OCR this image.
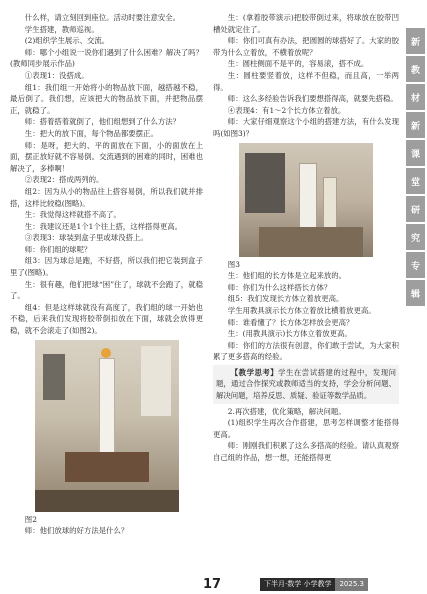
什么样，请立刻回到座位。活动时要注意安全。

学生搭建，教师巡视。

(2)组织学生展示、交流。

师：哪个小组说一说你们遇到了什么困难？解决了吗？(教师同步展示作品)

①表现1：没搭成。

组1：我们组一开始将小的物品放下面，越搭越不稳，最后倒了。我们想，应该把大的物品放下面，并把物品摆正，就稳了。

师：搭着搭着就倒了，他们组想到了什么方法？

生：把大的放下面，每个物品都要摆正。

师：是呀，把大的、平的面放在下面，小的面放在上面，摆正放好就不容易倒。交流遇到的困难的同时，困难也解决了，多棒啊！

②表现2：搭成两列的。

组2：因为从小的物品往上搭容易倒，所以我们就并排搭，这样比较稳(图略)。

生：我觉得这样就搭不高了。

生：我建议还是1个1个往上搭，这样搭得更高。

③表现3：球装到盒子里或球没搭上。

师：你们组的球呢？

组3：因为球总是跑，不好搭，所以我们把它装到盒子里了(图略)。

生：很有趣，他们把球“困”住了，球就不会跑了，就稳了。

组4：但是这样球就没有高度了，我们组的球一开始也不稳，后来我们发现将胶带倒扣放在下面，球就会放得更稳，就不会滚走了(如图2)。

图2

师：他们放球的好方法是什么？

生：(拿着胶带演示)把胶带倒过来，将球放在胶带凹槽处就定住了。

师：你们可真有办法，把圆圆的球搭好了。大家的胶带为什么立着放，不横着放呢？

生：圆柱侧面不是平的，容易滚，搭不成。

生：圆柱要竖着放，这样不但稳，而且高，一举两得。

师：这么多经验告诉我们要想搭得高，就要先搭稳。

④表现4：有1～2个长方体立着放。

师：大家仔细观察这个小组的搭建方法，有什么发现吗(如图3)？

图3

生：他们组的长方体是立起来放的。

师：你们为什么这样搭长方体？

组5：我们发现长方体立着放更高。

学生用教具演示长方体立着放比横着放更高。

师：谁看懂了？长方体怎样放会更高？

生：(用教具演示)长方体立着放更高。

师：你们的方法很有创意，你们敢于尝试，为大家积累了更多搭高的经验。

【教学思考】学生在尝试搭建的过程中，发现问题，通过合作探究或教师适当的支持，学会分析问题、解决问题，培养反思、质疑、验证等数学品质。

2.再次搭建，优化策略，解决问题。

(1)组织学生再次合作搭建，思考怎样调整才能搭得更高。

师：刚刚我们积累了这么多搭高的经验。请认真观察自己组的作品，想一想，还能搭得更

新
教
材
新
课
堂
研
究
专
辑
17	下半月·数学 小学教学	2025.3
